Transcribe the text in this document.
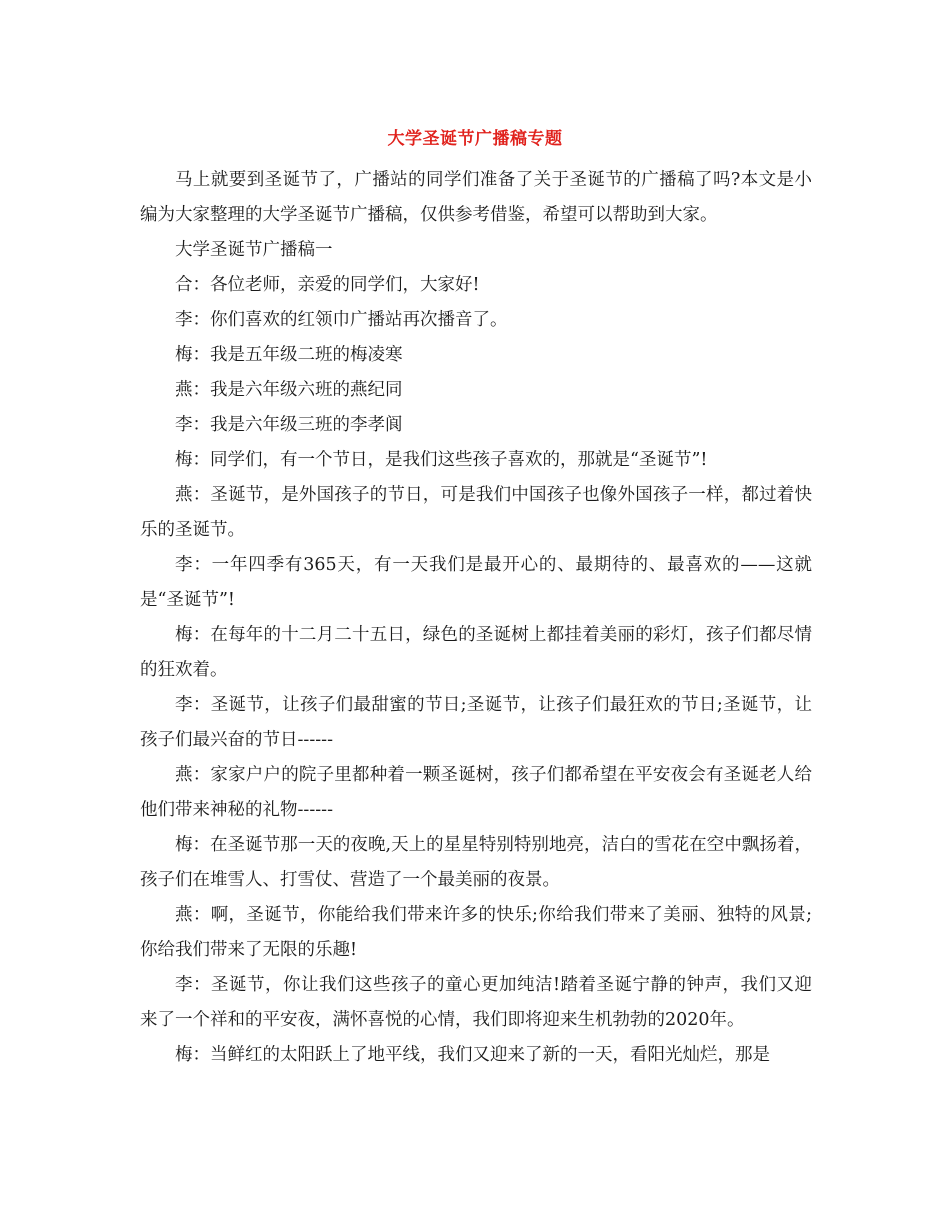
大学圣诞节广播稿专题

马上就要到圣诞节了，广播站的同学们准备了关于圣诞节的广播稿了吗?本文是小编为大家整理的大学圣诞节广播稿，仅供参考借鉴，希望可以帮助到大家。

大学圣诞节广播稿一

合：各位老师，亲爱的同学们，大家好!

李：你们喜欢的红领巾广播站再次播音了。

梅：我是五年级二班的梅凌寒

燕：我是六年级六班的燕纪同

李：我是六年级三班的李孝阆

梅：同学们，有一个节日，是我们这些孩子喜欢的，那就是“圣诞节”!

燕：圣诞节，是外国孩子的节日，可是我们中国孩子也像外国孩子一样，都过着快乐的圣诞节。

李：一年四季有365天，有一天我们是最开心的、最期待的、最喜欢的——这就是“圣诞节”!

梅：在每年的十二月二十五日，绿色的圣诞树上都挂着美丽的彩灯，孩子们都尽情的狂欢着。

李：圣诞节，让孩子们最甜蜜的节日;圣诞节，让孩子们最狂欢的节日;圣诞节，让孩子们最兴奋的节日------

燕：家家户户的院子里都种着一颗圣诞树，孩子们都希望在平安夜会有圣诞老人给他们带来神秘的礼物------

梅：在圣诞节那一天的夜晚,天上的星星特别特别地亮，洁白的雪花在空中飘扬着，孩子们在堆雪人、打雪仗、营造了一个最美丽的夜景。

燕：啊，圣诞节，你能给我们带来许多的快乐;你给我们带来了美丽、独特的风景;你给我们带来了无限的乐趣!

李：圣诞节，你让我们这些孩子的童心更加纯洁!踏着圣诞宁静的钟声，我们又迎来了一个祥和的平安夜，满怀喜悦的心情，我们即将迎来生机勃勃的2020年。

梅：当鲜红的太阳跃上了地平线，我们又迎来了新的一天，看阳光灿烂，那是
